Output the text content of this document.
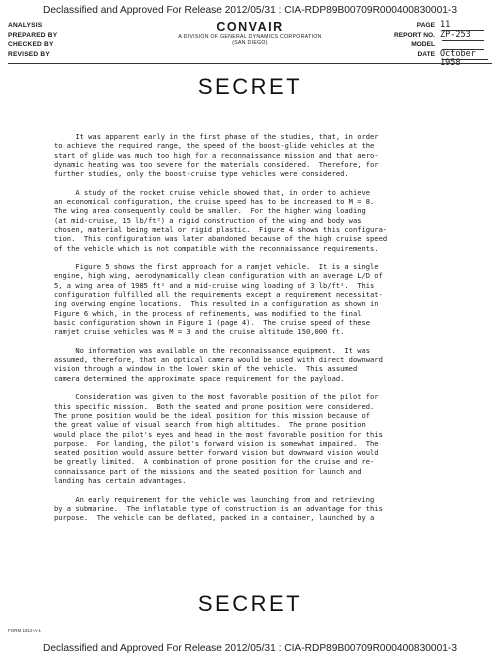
Declassified and Approved For Release 2012/05/31 : CIA-RDP89B00709R000400830001-3
ANALYSIS
PREPARED BY
CHECKED BY
REVISED BY
CONVAIR
A DIVISION OF GENERAL DYNAMICS CORPORATION
(SAN DIEGO)
PAGE 11
REPORT NO. ZP-253
MODEL
DATE October
SECRET
It was apparent early in the first phase of the studies, that, in order
to achieve the required range, the speed of the boost-glide vehicles at the
start of glide was much too high for a reconnaissance mission and that aero-
dynamic heating was too severe for the materials considered.  Therefore, for
further studies, only the boost-cruise type vehicles were considered.
A study of the rocket cruise vehicle showed that, in order to achieve
an economical configuration, the cruise speed has to be increased to M = 8.
The wing area consequently could be smaller.  For the higher wing loading
(at mid-cruise, 15 lb/ft²) a rigid construction of the wing and body was
chosen, material being metal or rigid plastic.  Figure 4 shows this configura-
tion.  This configuration was later abandoned because of the high cruise speed
of the vehicle which is not compatible with the reconnaissance requirements.
Figure 5 shows the first approach for a ramjet vehicle.  It is a single
engine, high wing, aerodynamically clean configuration with an average L/D of
5, a wing area of 1985 ft² and a mid-cruise wing loading of 3 lb/ft².  This
configuration fulfilled all the requirements except a requirement necessitat-
ing overwing engine locations.  This resulted in a configuration as shown in
Figure 6 which, in the process of refinements, was modified to the final
basic configuration shown in Figure 1 (page 4).  The cruise speed of these
ramjet cruise vehicles was M = 3 and the cruise altitude 150,000 ft.
No information was available on the reconnaissance equipment.  It was
assumed, therefore, that an optical camera would be used with direct downward
vision through a window in the lower skin of the vehicle.  This assumed
camera determined the approximate space requirement for the payload.
Consideration was given to the most favorable position of the pilot for
this specific mission.  Both the seated and prone position were considered.
The prone position would be the ideal position for this mission because of
the great value of visual search from high altitudes.  The prone position
would place the pilot's eyes and head in the most favorable position for this
purpose.  For landing, the pilot's forward vision is somewhat impaired.  The
seated position would assure better forward vision but downward vision would
be greatly limited.  A combination of prone position for the cruise and re-
connaissance part of the missions and the seated position for launch and
landing has certain advantages.
An early requirement for the vehicle was launching from and retrieving
by a submarine.  The inflatable type of construction is an advantage for this
purpose.  The vehicle can be deflated, packed in a container, launched by a
SECRET
FORM 1812-A-1
Declassified and Approved For Release 2012/05/31 : CIA-RDP89B00709R000400830001-3
